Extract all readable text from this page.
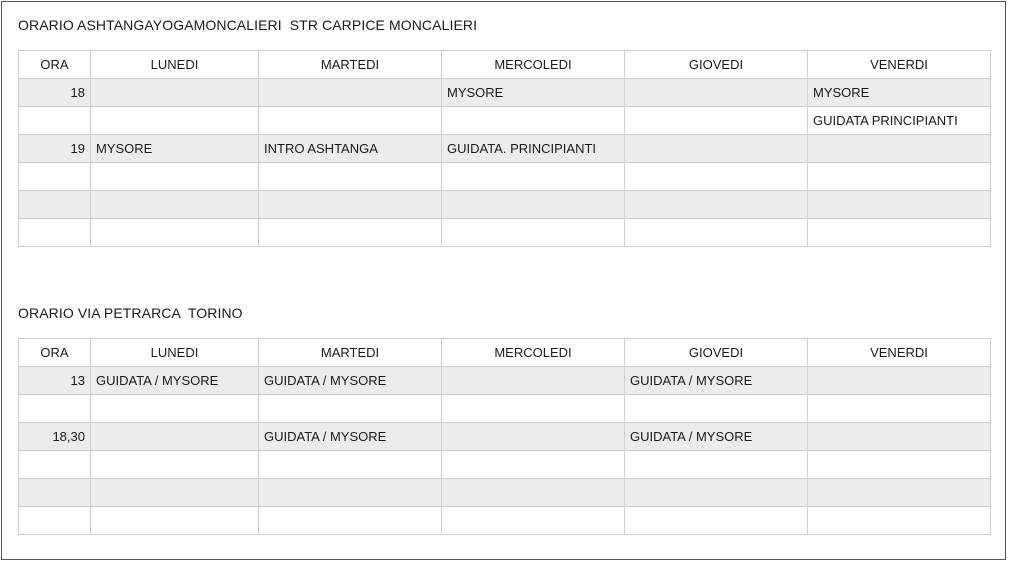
ORARIO ASHTANGAYOGAMONCALIERI  STR CARPICE MONCALIERI
ORA	LUNEDI	MARTEDI	MERCOLEDI	GIOVEDI	VENERDI
18			MYSORE		MYSORE
					GUIDATA PRINCIPIANTI
19	MYSORE	INTRO ASHTANGA	GUIDATA. PRINCIPIANTI		

ORARIO VIA PETRARCA  TORINO
ORA	LUNEDI	MARTEDI	MERCOLEDI	GIOVEDI	VENERDI
13	GUIDATA / MYSORE	GUIDATA / MYSORE		GUIDATA / MYSORE	

18,30		GUIDATA / MYSORE		GUIDATA / MYSORE	
